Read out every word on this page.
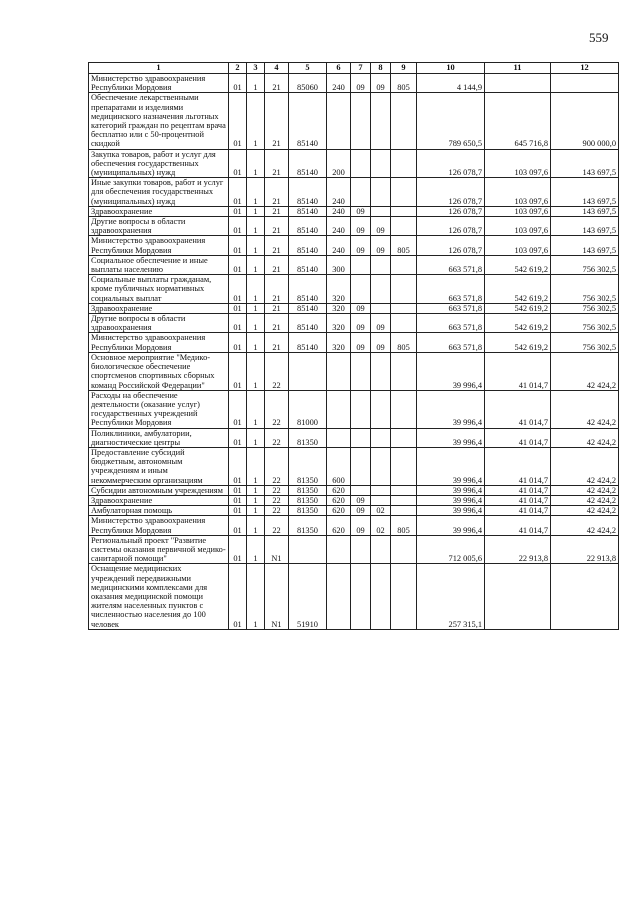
559
1	2	3	4	5	6	7	8	9	10	11	12
Министерство здравоохранения Республики Мордовия	01	1	21	85060	240	09	09	805	4 144,9		
Обеспечение лекарственными препаратами и изделиями медицинского назначения льготных категорий граждан по рецептам врача бесплатно или с 50-процентной скидкой	01	1	21	85140					789 650,5	645 716,8	900 000,0
Закупка товаров, работ и услуг для обеспечения государственных (муниципальных) нужд	01	1	21	85140	200				126 078,7	103 097,6	143 697,5
Иные закупки товаров, работ и услуг для обеспечения государственных (муниципальных) нужд	01	1	21	85140	240				126 078,7	103 097,6	143 697,5
Здравоохранение	01	1	21	85140	240	09			126 078,7	103 097,6	143 697,5
Другие вопросы в области здравоохранения	01	1	21	85140	240	09	09		126 078,7	103 097,6	143 697,5
Министерство здравоохранения Республики Мордовия	01	1	21	85140	240	09	09	805	126 078,7	103 097,6	143 697,5
Социальное обеспечение и иные выплаты населению	01	1	21	85140	300				663 571,8	542 619,2	756 302,5
Социальные выплаты гражданам, кроме публичных нормативных социальных выплат	01	1	21	85140	320				663 571,8	542 619,2	756 302,5
Здравоохранение	01	1	21	85140	320	09			663 571,8	542 619,2	756 302,5
Другие вопросы в области здравоохранения	01	1	21	85140	320	09	09		663 571,8	542 619,2	756 302,5
Министерство здравоохранения Республики Мордовия	01	1	21	85140	320	09	09	805	663 571,8	542 619,2	756 302,5
Основное мероприятие "Медико-биологическое обеспечение спортсменов спортивных сборных команд Российской Федерации"	01	1	22						39 996,4	41 014,7	42 424,2
Расходы на обеспечение деятельности (оказание услуг) государственных учреждений Республики Мордовия	01	1	22	81000					39 996,4	41 014,7	42 424,2
Поликлиники, амбулатории, диагностические центры	01	1	22	81350					39 996,4	41 014,7	42 424,2
Предоставление субсидий бюджетным, автономным учреждениям и иным некоммерческим организациям	01	1	22	81350	600				39 996,4	41 014,7	42 424,2
Субсидии автономным учреждениям	01	1	22	81350	620				39 996,4	41 014,7	42 424,2
Здравоохранение	01	1	22	81350	620	09			39 996,4	41 014,7	42 424,2
Амбулаторная помощь	01	1	22	81350	620	09	02		39 996,4	41 014,7	42 424,2
Министерство здравоохранения Республики Мордовия	01	1	22	81350	620	09	02	805	39 996,4	41 014,7	42 424,2
Региональный проект "Развитие системы оказания первичной медико-санитарной помощи"	01	1	N1						712 005,6	22 913,8	22 913,8
Оснащение медицинских учреждений передвижными медицинскими комплексами для оказания медицинской помощи жителям населенных пунктов с численностью населения до 100 человек	01	1	N1	51910					257 315,1		
